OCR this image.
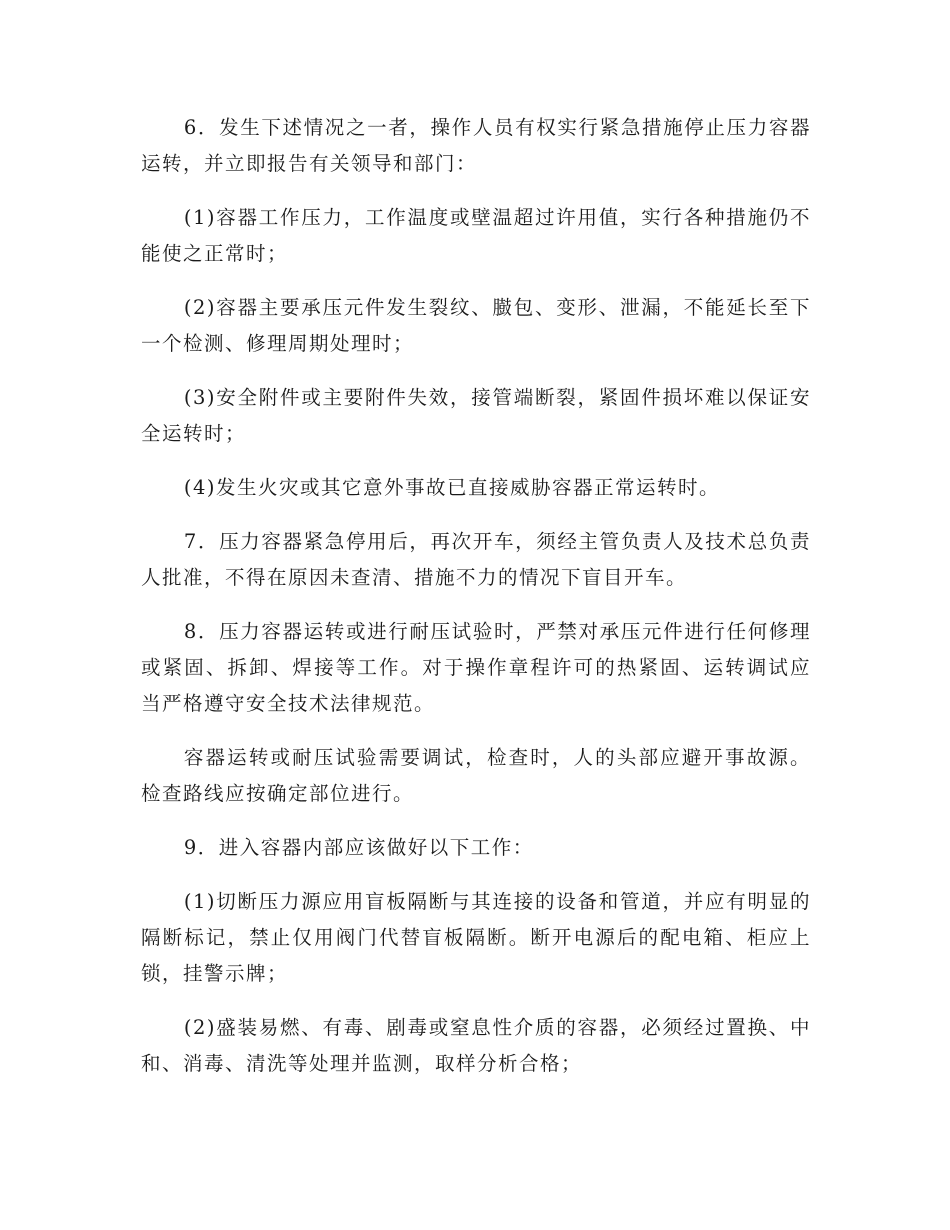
6．发生下述情况之一者，操作人员有权实行紧急措施停止压力容器运转，并立即报告有关领导和部门：

(1)容器工作压力，工作温度或壁温超过许用值，实行各种措施仍不能使之正常时；

(2)容器主要承压元件发生裂纹、臌包、变形、泄漏，不能延长至下一个检测、修理周期处理时；

(3)安全附件或主要附件失效，接管端断裂，紧固件损坏难以保证安全运转时；

(4)发生火灾或其它意外事故已直接威胁容器正常运转时。

7．压力容器紧急停用后，再次开车，须经主管负责人及技术总负责人批准，不得在原因未查清、措施不力的情况下盲目开车。

8．压力容器运转或进行耐压试验时，严禁对承压元件进行任何修理或紧固、拆卸、焊接等工作。对于操作章程许可的热紧固、运转调试应当严格遵守安全技术法律规范。

容器运转或耐压试验需要调试，检查时，人的头部应避开事故源。检查路线应按确定部位进行。

9．进入容器内部应该做好以下工作：

(1)切断压力源应用盲板隔断与其连接的设备和管道，并应有明显的隔断标记，禁止仅用阀门代替盲板隔断。断开电源后的配电箱、柜应上锁，挂警示牌；

(2)盛装易燃、有毒、剧毒或窒息性介质的容器，必须经过置换、中和、消毒、清洗等处理并监测，取样分析合格；
